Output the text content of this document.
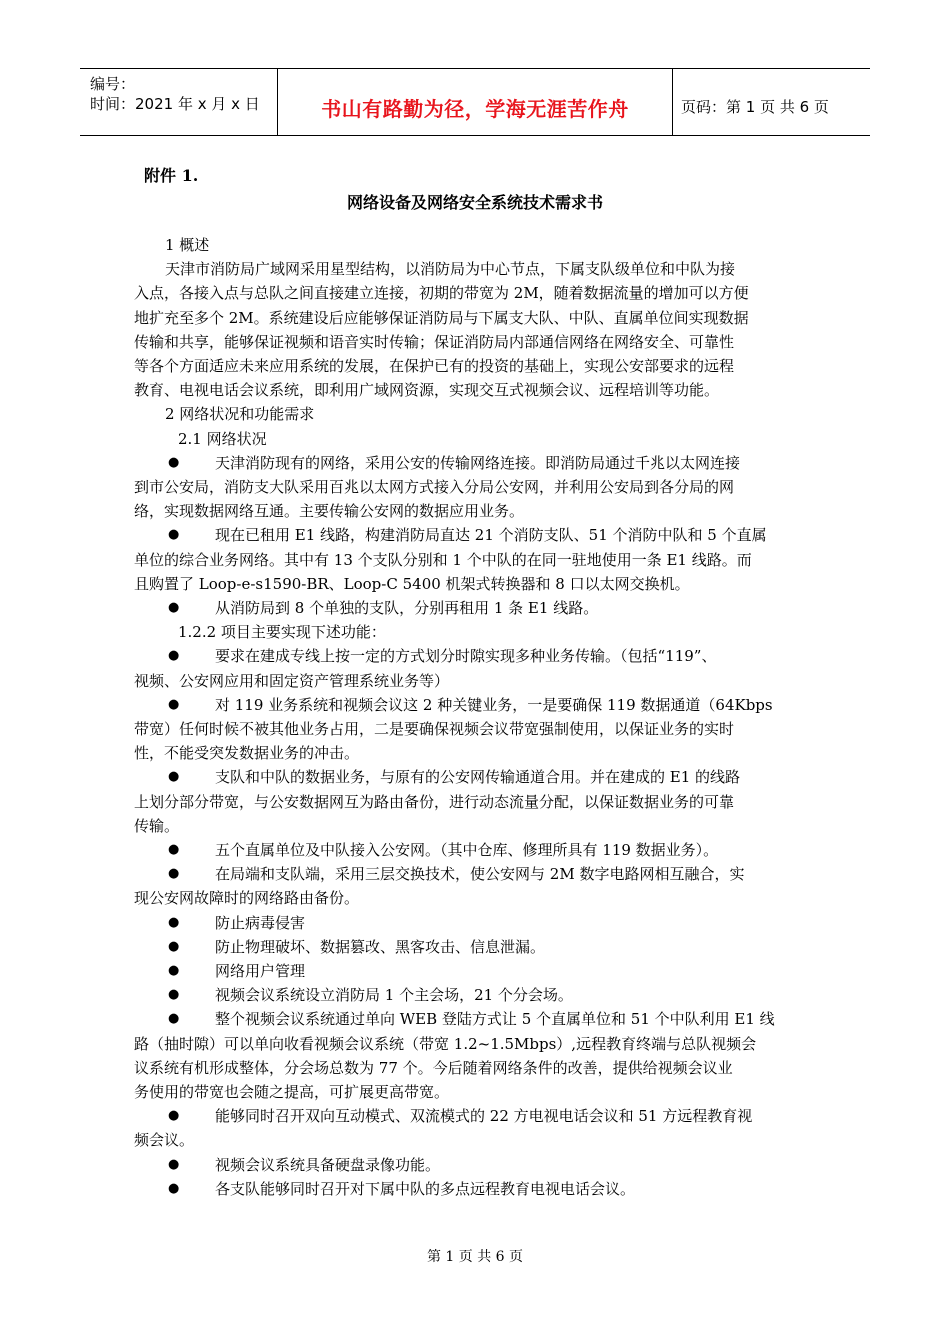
编号：
时间：2021 年 x 月 x 日	书山有路勤为径，学海无涯苦作舟	页码：第 1 页 共 6 页
附件 1.
网络设备及网络安全系统技术需求书
1 概述
天津市消防局广域网采用星型结构，以消防局为中心节点，下属支队级单位和中队为接
入点，各接入点与总队之间直接建立连接，初期的带宽为 2M，随着数据流量的增加可以方便
地扩充至多个 2M。系统建设后应能够保证消防局与下属支大队、中队、直属单位间实现数据
传输和共享，能够保证视频和语音实时传输；保证消防局内部通信网络在网络安全、可靠性
等各个方面适应未来应用系统的发展，在保护已有的投资的基础上，实现公安部要求的远程
教育、电视电话会议系统，即利用广域网资源，实现交互式视频会议、远程培训等功能。
2 网络状况和功能需求
2.1 网络状况
● 天津消防现有的网络，采用公安的传输网络连接。即消防局通过千兆以太网连接
到市公安局，消防支大队采用百兆以太网方式接入分局公安网，并利用公安局到各分局的网
络，实现数据网络互通。主要传输公安网的数据应用业务。
● 现在已租用 E1 线路，构建消防局直达 21 个消防支队、51 个消防中队和 5 个直属
单位的综合业务网络。其中有 13 个支队分别和 1 个中队的在同一驻地使用一条 E1 线路。而
且购置了 Loop-e-s1590-BR、Loop-C 5400 机架式转换器和 8 口以太网交换机。
● 从消防局到 8 个单独的支队，分别再租用 1 条 E1 线路。
1.2.2 项目主要实现下述功能：
● 要求在建成专线上按一定的方式划分时隙实现多种业务传输。（包括“119”、
视频、公安网应用和固定资产管理系统业务等）
● 对 119 业务系统和视频会议这 2 种关键业务，一是要确保 119 数据通道（64Kbps
带宽）任何时候不被其他业务占用，二是要确保视频会议带宽强制使用，以保证业务的实时
性，不能受突发数据业务的冲击。
● 支队和中队的数据业务，与原有的公安网传输通道合用。并在建成的 E1 的线路
上划分部分带宽，与公安数据网互为路由备份，进行动态流量分配，以保证数据业务的可靠
传输。
● 五个直属单位及中队接入公安网。（其中仓库、修理所具有 119 数据业务）。
● 在局端和支队端，采用三层交换技术，使公安网与 2M 数字电路网相互融合，实
现公安网故障时的网络路由备份。
● 防止病毒侵害
● 防止物理破坏、数据篡改、黑客攻击、信息泄漏。
● 网络用户管理
● 视频会议系统设立消防局 1 个主会场，21 个分会场。
● 整个视频会议系统通过单向 WEB 登陆方式让 5 个直属单位和 51 个中队利用 E1 线
路（抽时隙）可以单向收看视频会议系统（带宽 1.2~1.5Mbps）,远程教育终端与总队视频会
议系统有机形成整体，分会场总数为 77 个。今后随着网络条件的改善，提供给视频会议业
务使用的带宽也会随之提高，可扩展更高带宽。
● 能够同时召开双向互动模式、双流模式的 22 方电视电话会议和 51 方远程教育视
频会议。
● 视频会议系统具备硬盘录像功能。
● 各支队能够同时召开对下属中队的多点远程教育电视电话会议。
第 1 页 共 6 页
